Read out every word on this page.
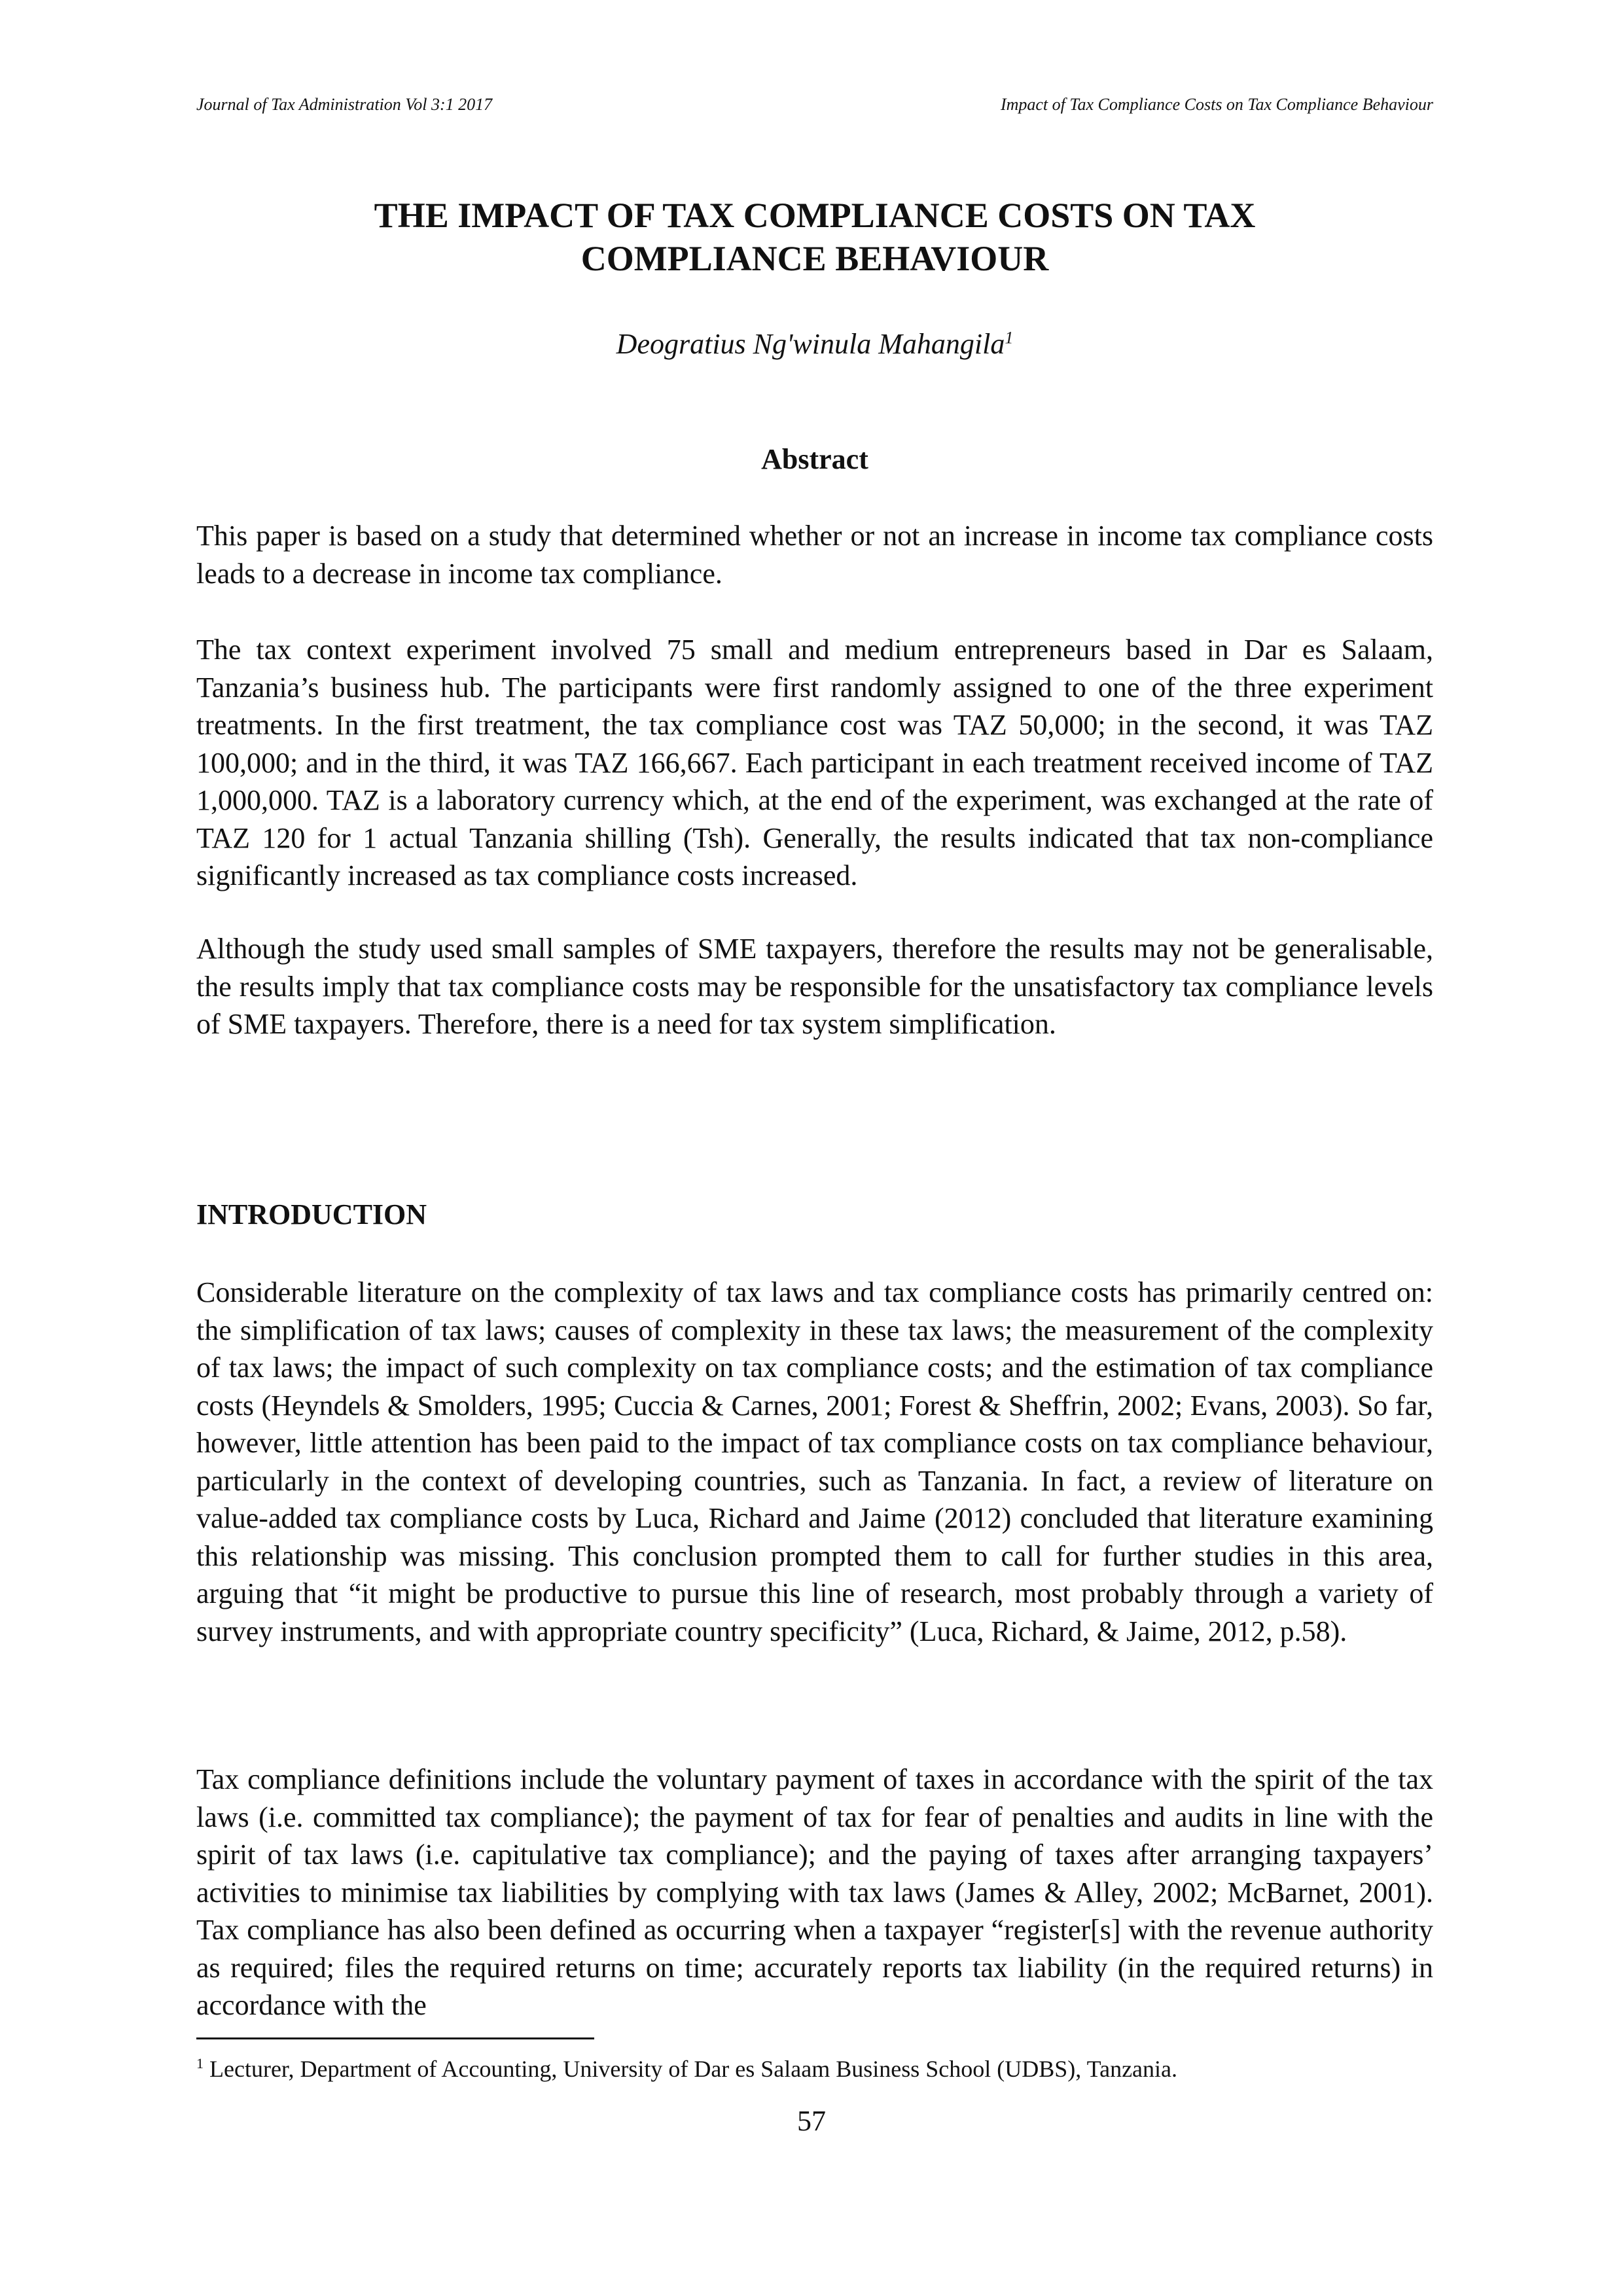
Journal of Tax Administration Vol 3:1 2017	Impact of Tax Compliance Costs on Tax Compliance Behaviour
THE IMPACT OF TAX COMPLIANCE COSTS ON TAX
COMPLIANCE BEHAVIOUR
Deogratius Ng'winula Mahangila$^1$
Abstract

This paper is based on a study that determined whether or not an increase in income tax compliance costs leads to a decrease in income tax compliance.

The tax context experiment involved 75 small and medium entrepreneurs based in Dar es Salaam, Tanzania’s business hub. The participants were first randomly assigned to one of the three experiment treatments. In the first treatment, the tax compliance cost was TAZ 50,000; in the second, it was TAZ 100,000; and in the third, it was TAZ 166,667. Each participant in each treatment received income of TAZ 1,000,000. TAZ is a laboratory currency which, at the end of the experiment, was exchanged at the rate of TAZ 120 for 1 actual Tanzania shilling (Tsh). Generally, the results indicated that tax non-compliance significantly increased as tax compliance costs increased.

Although the study used small samples of SME taxpayers, therefore the results may not be generalisable, the results imply that tax compliance costs may be responsible for the unsatisfactory tax compliance levels of SME taxpayers. Therefore, there is a need for tax system simplification.

INTRODUCTION

Considerable literature on the complexity of tax laws and tax compliance costs has primarily centred on: the simplification of tax laws; causes of complexity in these tax laws; the measurement of the complexity of tax laws; the impact of such complexity on tax compliance costs; and the estimation of tax compliance costs (Heyndels & Smolders, 1995; Cuccia & Carnes, 2001; Forest & Sheffrin, 2002; Evans, 2003). So far, however, little attention has been paid to the impact of tax compliance costs on tax compliance behaviour, particularly in the context of developing countries, such as Tanzania. In fact, a review of literature on value-added tax compliance costs by Luca, Richard and Jaime (2012) concluded that literature examining this relationship was missing. This conclusion prompted them to call for further studies in this area, arguing that “it might be productive to pursue this line of research, most probably through a variety of survey instruments, and with appropriate country specificity” (Luca, Richard, & Jaime, 2012, p.58).

Tax compliance definitions include the voluntary payment of taxes in accordance with the spirit of the tax laws (i.e. committed tax compliance); the payment of tax for fear of penalties and audits in line with the spirit of tax laws (i.e. capitulative tax compliance); and the paying of taxes after arranging taxpayers’ activities to minimise tax liabilities by complying with tax laws (James & Alley, 2002; McBarnet, 2001). Tax compliance has also been defined as occurring when a taxpayer “register[s] with the revenue authority as required; files the required returns on time; accurately reports tax liability (in the required returns) in accordance with the

$^1$ Lecturer, Department of Accounting, University of Dar es Salaam Business School (UDBS), Tanzania.
57
